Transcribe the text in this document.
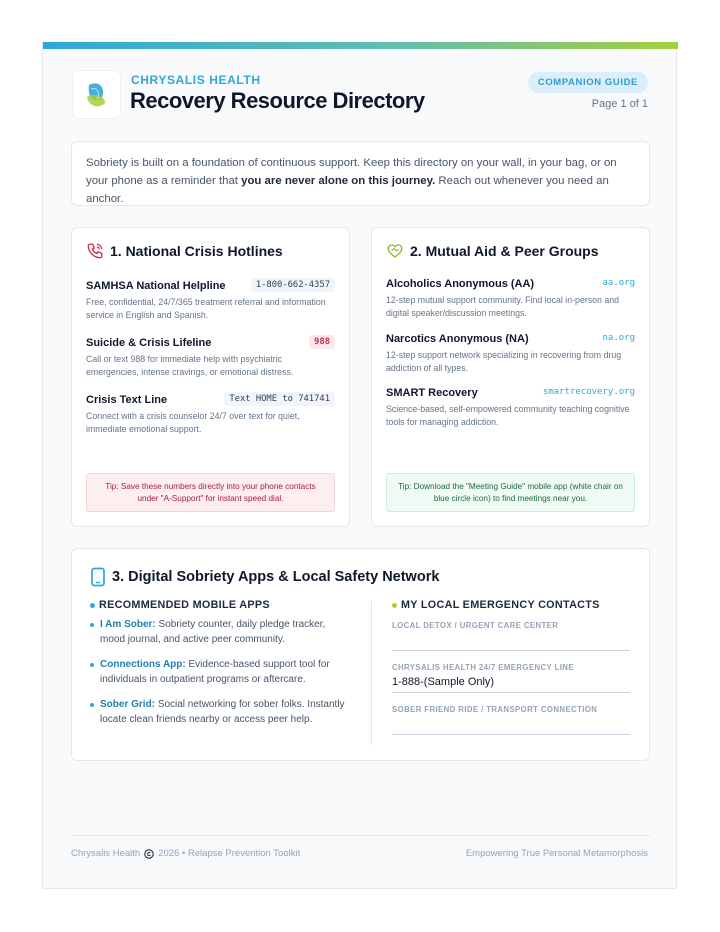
CHRYSALIS HEALTH
Recovery Resource Directory
COMPANION GUIDE
Page 1 of 1
Sobriety is built on a foundation of continuous support. Keep this directory on your wall, in your bag, or on your phone as a reminder that you are never alone on this journey. Reach out whenever you need an anchor.
1. National Crisis Hotlines
SAMHSA National Helpline	1-800-662-4357
Free, confidential, 24/7/365 treatment referral and information service in English and Spanish.
Suicide & Crisis Lifeline	988
Call or text 988 for immediate help with psychiatric emergencies, intense cravings, or emotional distress.
Crisis Text Line	Text HOME to 741741
Connect with a crisis counselor 24/7 over text for quiet, immediate emotional support.
Tip: Save these numbers directly into your phone contacts under "A-Support" for instant speed dial.
2. Mutual Aid & Peer Groups
Alcoholics Anonymous (AA)	aa.org
12-step mutual support community. Find local in-person and digital speaker/discussion meetings.
Narcotics Anonymous (NA)	na.org
12-step support network specializing in recovering from drug addiction of all types.
SMART Recovery	smartrecovery.org
Science-based, self-empowered community teaching cognitive tools for managing addiction.
Tip: Download the "Meeting Guide" mobile app (white chair on blue circle icon) to find meetings near you.
3. Digital Sobriety Apps & Local Safety Network
RECOMMENDED MOBILE APPS
I Am Sober: Sobriety counter, daily pledge tracker, mood journal, and active peer community.
Connections App: Evidence-based support tool for individuals in outpatient programs or aftercare.
Sober Grid: Social networking for sober folks. Instantly locate clean friends nearby or access peer help.
MY LOCAL EMERGENCY CONTACTS
LOCAL DETOX / URGENT CARE CENTER
CHRYSALIS HEALTH 24/7 EMERGENCY LINE
1-888-(Sample Only)
SOBER FRIEND RIDE / TRANSPORT CONNECTION
Chrysalis Health 2026 • Relapse Prevention Toolkit	Empowering True Personal Metamorphosis
